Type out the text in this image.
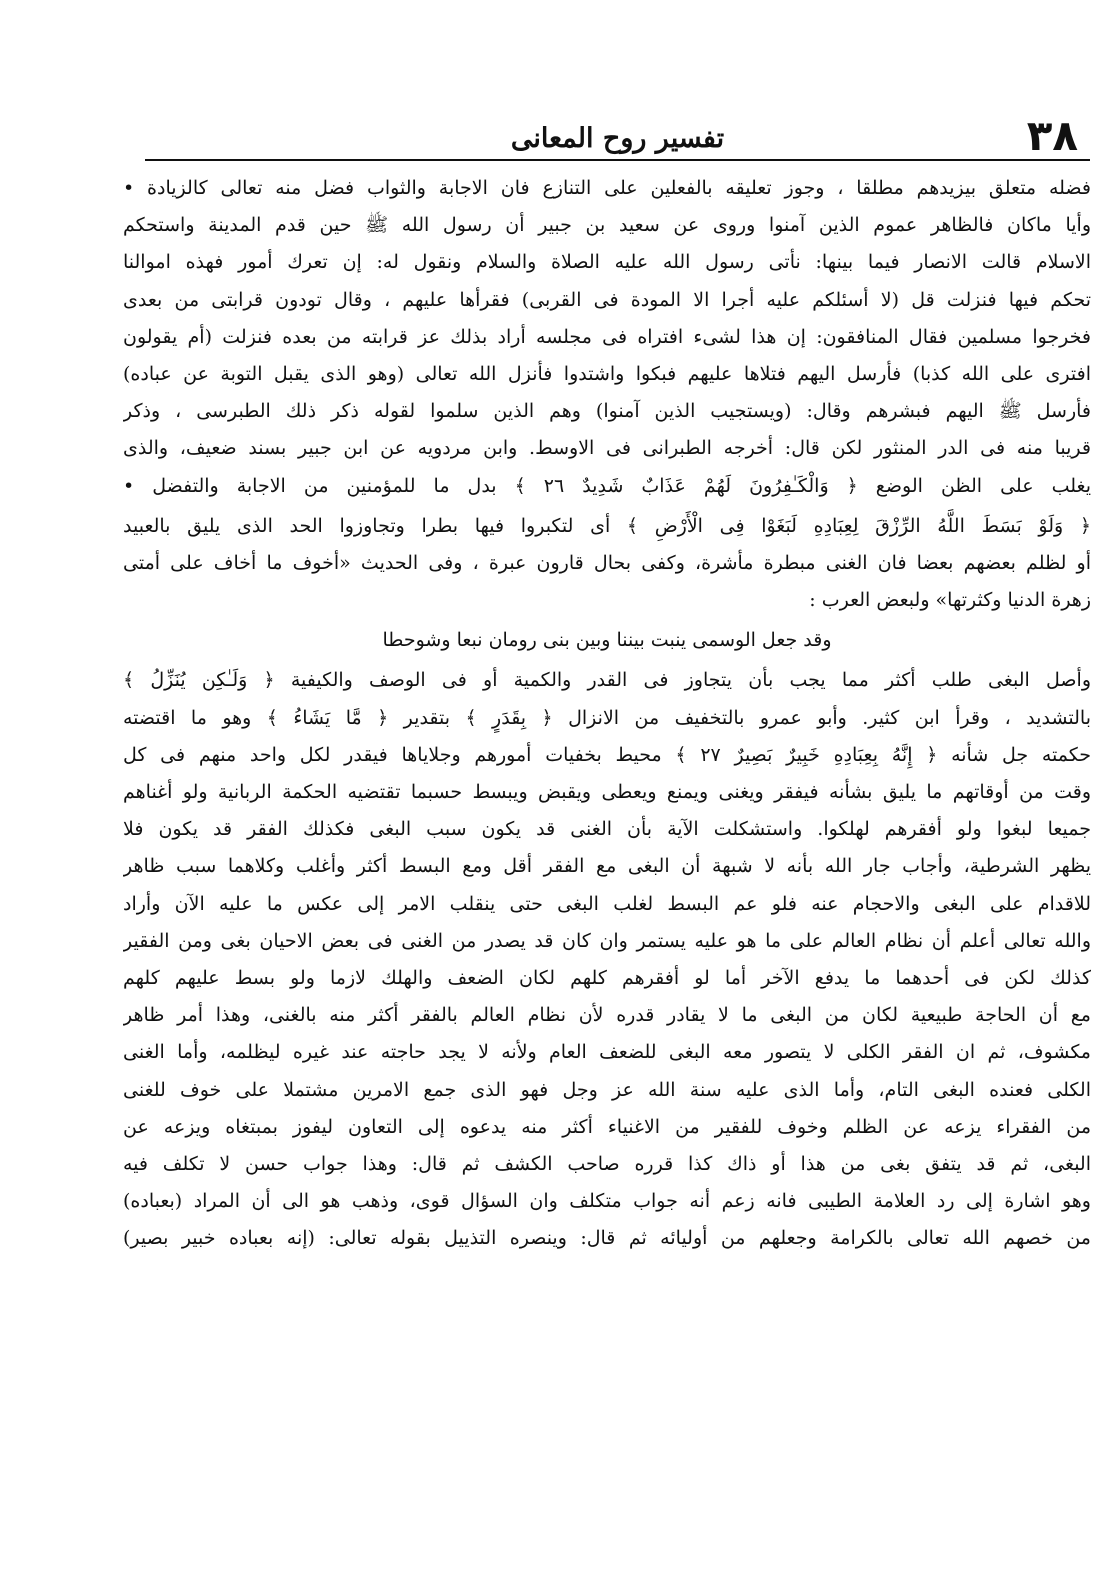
٣٨
تفسير روح المعانى
فضله متعلق بيزيدهم مطلقا ، وجوز تعليقه بالفعلين على التنازع فان الاجابة والثواب فضل منه تعالى كالزيادة •
وأيا ماكان فالظاهر عموم الذين آمنوا وروى عن سعيد بن جبير أن رسول الله ﷺ حين قدم المدينة واستحكم
الاسلام قالت الانصار فيما بينها: نأتى رسول الله عليه الصلاة والسلام ونقول له: إن تعرك أمور فهذه اموالنا
تحكم فيها فنزلت قل (لا أسئلكم عليه أجرا الا المودة فى القربى) فقرأها عليهم ، وقال تودون قرابتى من بعدى
فخرجوا مسلمين فقال المنافقون: إن هذا لشىء افتراه فى مجلسه أراد بذلك عز قرابته من بعده فنزلت (أم يقولون
افترى على الله كذبا) فأرسل اليهم فتلاها عليهم فبكوا واشتدوا فأنزل الله تعالى (وهو الذى يقبل التوبة عن عباده)
فأرسل ﷺ اليهم فبشرهم وقال: (ويستجيب الذين آمنوا) وهم الذين سلموا لقوله ذكر ذلك الطبرسى ، وذكر
قريبا منه فى الدر المنثور لكن قال: أخرجه الطبرانى فى الاوسط. وابن مردويه عن ابن جبير بسند ضعيف، والذى
يغلب على الظن الوضع ﴿ وَالْكَـٰفِرُونَ لَهُمْ عَذَابٌ شَدِيدٌ ٢٦ ﴾ بدل ما للمؤمنين من الاجابة والتفضل •
﴿ وَلَوْ بَسَطَ اللَّهُ الرِّزْقَ لِعِبَادِهِ لَبَغَوْا فِى الْأَرْضِ ﴾ أى لتكبروا فيها بطرا وتجاوزوا الحد الذى يليق بالعبيد
أو لظلم بعضهم بعضا فان الغنى مبطرة مأشرة، وكفى بحال قارون عبرة ، وفى الحديث «أخوف ما أخاف على أمتى
زهرة الدنيا وكثرتها» ولبعض العرب :
وقد جعل الوسمى ينبت بيننا وبين بنى رومان نبعا وشوحطا
وأصل البغى طلب أكثر مما يجب بأن يتجاوز فى القدر والكمية أو فى الوصف والكيفية ﴿ وَلَـٰكِن يُنَزِّلُ ﴾
بالتشديد ، وقرأ ابن كثير. وأبو عمرو بالتخفيف من الانزال ﴿ بِقَدَرٍ ﴾ بتقدير ﴿ مَّا يَشَاءُ ﴾ وهو ما اقتضته
حكمته جل شأنه ﴿ إِنَّهُ بِعِبَادِهِ خَبِيرٌ بَصِيرٌ ٢٧ ﴾ محيط بخفيات أمورهم وجلاياها فيقدر لكل واحد منهم فى كل
وقت من أوقاتهم ما يليق بشأنه فيفقر ويغنى ويمنع ويعطى ويقبض ويبسط حسبما تقتضيه الحكمة الربانية ولو أغناهم
جميعا لبغوا ولو أفقرهم لهلكوا. واستشكلت الآية بأن الغنى قد يكون سبب البغى فكذلك الفقر قد يكون فلا
يظهر الشرطية، وأجاب جار الله بأنه لا شبهة أن البغى مع الفقر أقل ومع البسط أكثر وأغلب وكلاهما سبب ظاهر
للاقدام على البغى والاحجام عنه فلو عم البسط لغلب البغى حتى ينقلب الامر إلى عكس ما عليه الآن وأراد
والله تعالى أعلم أن نظام العالم على ما هو عليه يستمر وان كان قد يصدر من الغنى فى بعض الاحيان بغى ومن الفقير
كذلك لكن فى أحدهما ما يدفع الآخر أما لو أفقرهم كلهم لكان الضعف والهلك لازما ولو بسط عليهم كلهم
مع أن الحاجة طبيعية لكان من البغى ما لا يقادر قدره لأن نظام العالم بالفقر أكثر منه بالغنى، وهذا أمر ظاهر
مكشوف، ثم ان الفقر الكلى لا يتصور معه البغى للضعف العام ولأنه لا يجد حاجته عند غيره ليظلمه، وأما الغنى
الكلى فعنده البغى التام، وأما الذى عليه سنة الله عز وجل فهو الذى جمع الامرين مشتملا على خوف للغنى
من الفقراء يزعه عن الظلم وخوف للفقير من الاغنياء أكثر منه يدعوه إلى التعاون ليفوز بمبتغاه ويزعه عن
البغى، ثم قد يتفق بغى من هذا أو ذاك كذا قرره صاحب الكشف ثم قال: وهذا جواب حسن لا تكلف فيه
وهو اشارة إلى رد العلامة الطيبى فانه زعم أنه جواب متكلف وان السؤال قوى، وذهب هو الى أن المراد (بعباده)
من خصهم الله تعالى بالكرامة وجعلهم من أوليائه ثم قال: وينصره التذييل بقوله تعالى: (إنه بعباده خبير بصير)
